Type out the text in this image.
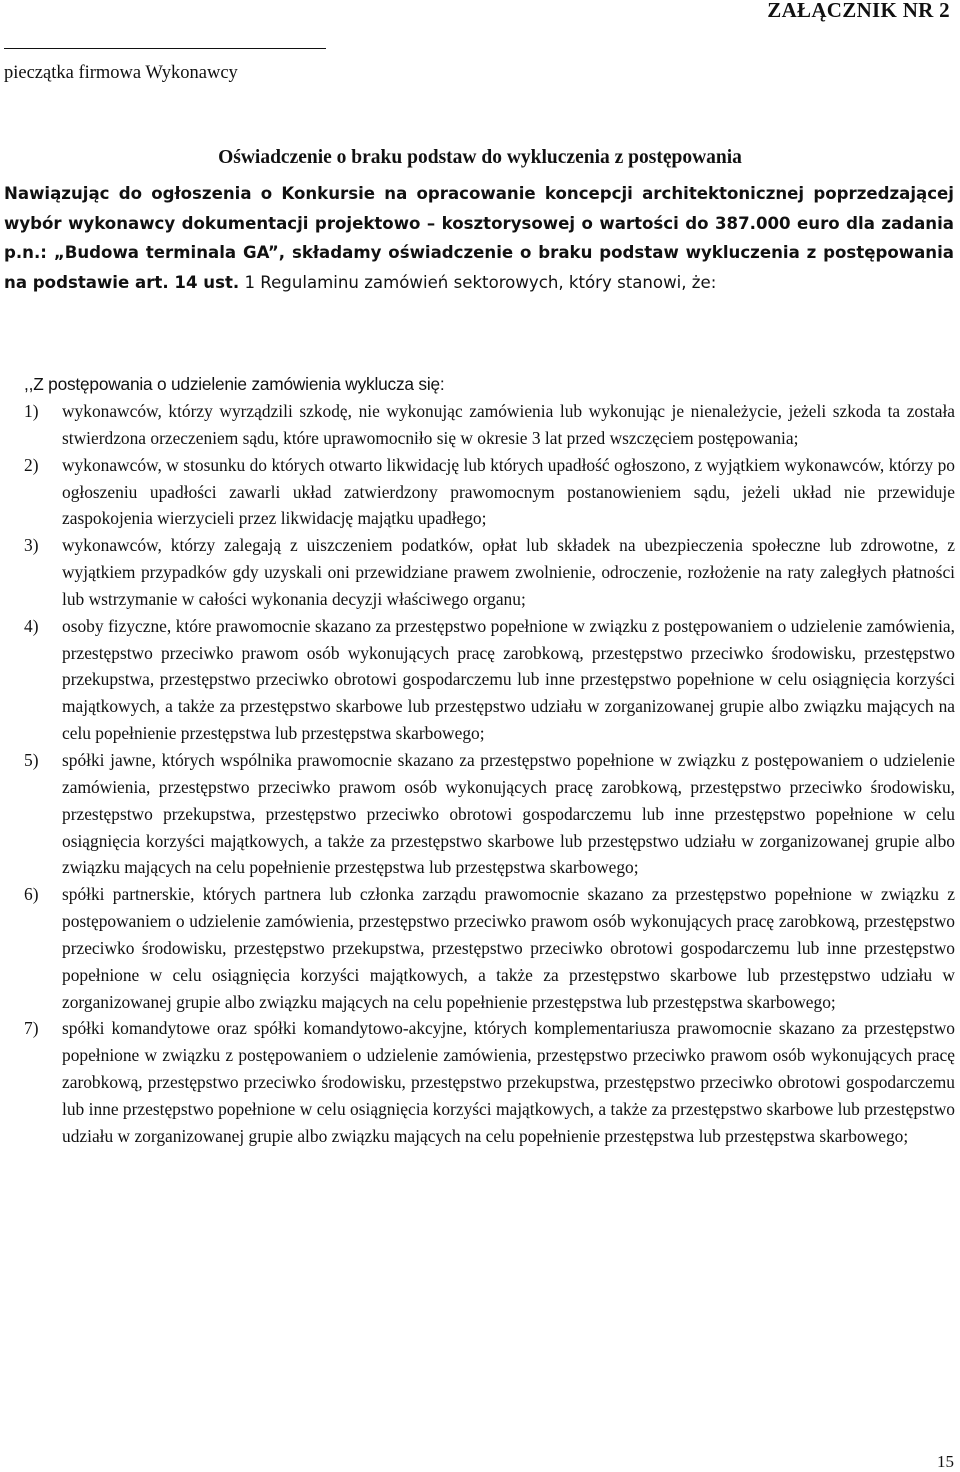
ZAŁĄCZNIK NR 2
pieczątka firmowa Wykonawcy
Oświadczenie o braku podstaw do wykluczenia z postępowania
Nawiązując do ogłoszenia o Konkursie na opracowanie koncepcji architektonicznej poprzedzającej wybór wykonawcy dokumentacji projektowo – kosztorysowej o wartości do 387.000 euro dla zadania p.n.: „Budowa terminala GA”, składamy oświadczenie o braku podstaw wykluczenia z postępowania na podstawie art. 14 ust. 1 Regulaminu zamówień sektorowych, który stanowi, że:
,,Z postępowania o udzielenie zamówienia wyklucza się:
1) wykonawców, którzy wyrządzili szkodę, nie wykonując zamówienia lub wykonując je nienależycie, jeżeli szkoda ta została stwierdzona orzeczeniem sądu, które uprawomocniło się w okresie 3 lat przed wszczęciem postępowania;
2) wykonawców, w stosunku do których otwarto likwidację lub których upadłość ogłoszono, z wyjątkiem wykonawców, którzy po ogłoszeniu upadłości zawarli układ zatwierdzony prawomocnym postanowieniem sądu, jeżeli układ nie przewiduje zaspokojenia wierzycieli przez likwidację majątku upadłego;
3) wykonawców, którzy zalegają z uiszczeniem podatków, opłat lub składek na ubezpieczenia społeczne lub zdrowotne, z wyjątkiem przypadków gdy uzyskali oni przewidziane prawem zwolnienie, odroczenie, rozłożenie na raty zaległych płatności lub wstrzymanie w całości wykonania decyzji właściwego organu;
4) osoby fizyczne, które prawomocnie skazano za przestępstwo popełnione w związku z postępowaniem o udzielenie zamówienia, przestępstwo przeciwko prawom osób wykonujących pracę zarobkową, przestępstwo przeciwko środowisku, przestępstwo przekupstwa, przestępstwo przeciwko obrotowi gospodarczemu lub inne przestępstwo popełnione w celu osiągnięcia korzyści majątkowych, a także za przestępstwo skarbowe lub przestępstwo udziału w zorganizowanej grupie albo związku mających na celu popełnienie przestępstwa lub przestępstwa skarbowego;
5) spółki jawne, których wspólnika prawomocnie skazano za przestępstwo popełnione w związku z postępowaniem o udzielenie zamówienia, przestępstwo przeciwko prawom osób wykonujących pracę zarobkową, przestępstwo przeciwko środowisku, przestępstwo przekupstwa, przestępstwo przeciwko obrotowi gospodarczemu lub inne przestępstwo popełnione w celu osiągnięcia korzyści majątkowych, a także za przestępstwo skarbowe lub przestępstwo udziału w zorganizowanej grupie albo związku mających na celu popełnienie przestępstwa lub przestępstwa skarbowego;
6) spółki partnerskie, których partnera lub członka zarządu prawomocnie skazano za przestępstwo popełnione w związku z postępowaniem o udzielenie zamówienia, przestępstwo przeciwko prawom osób wykonujących pracę zarobkową, przestępstwo przeciwko środowisku, przestępstwo przekupstwa, przestępstwo przeciwko obrotowi gospodarczemu lub inne przestępstwo popełnione w celu osiągnięcia korzyści majątkowych, a także za przestępstwo skarbowe lub przestępstwo udziału w zorganizowanej grupie albo związku mających na celu popełnienie przestępstwa lub przestępstwa skarbowego;
7) spółki komandytowe oraz spółki komandytowo-akcyjne, których komplementariusza prawomocnie skazano za przestępstwo popełnione w związku z postępowaniem o udzielenie zamówienia, przestępstwo przeciwko prawom osób wykonujących pracę zarobkową, przestępstwo przeciwko środowisku, przestępstwo przekupstwa, przestępstwo przeciwko obrotowi gospodarczemu lub inne przestępstwo popełnione w celu osiągnięcia korzyści majątkowych, a także za przestępstwo skarbowe lub przestępstwo udziału w zorganizowanej grupie albo związku mających na celu popełnienie przestępstwa lub przestępstwa skarbowego;
15
